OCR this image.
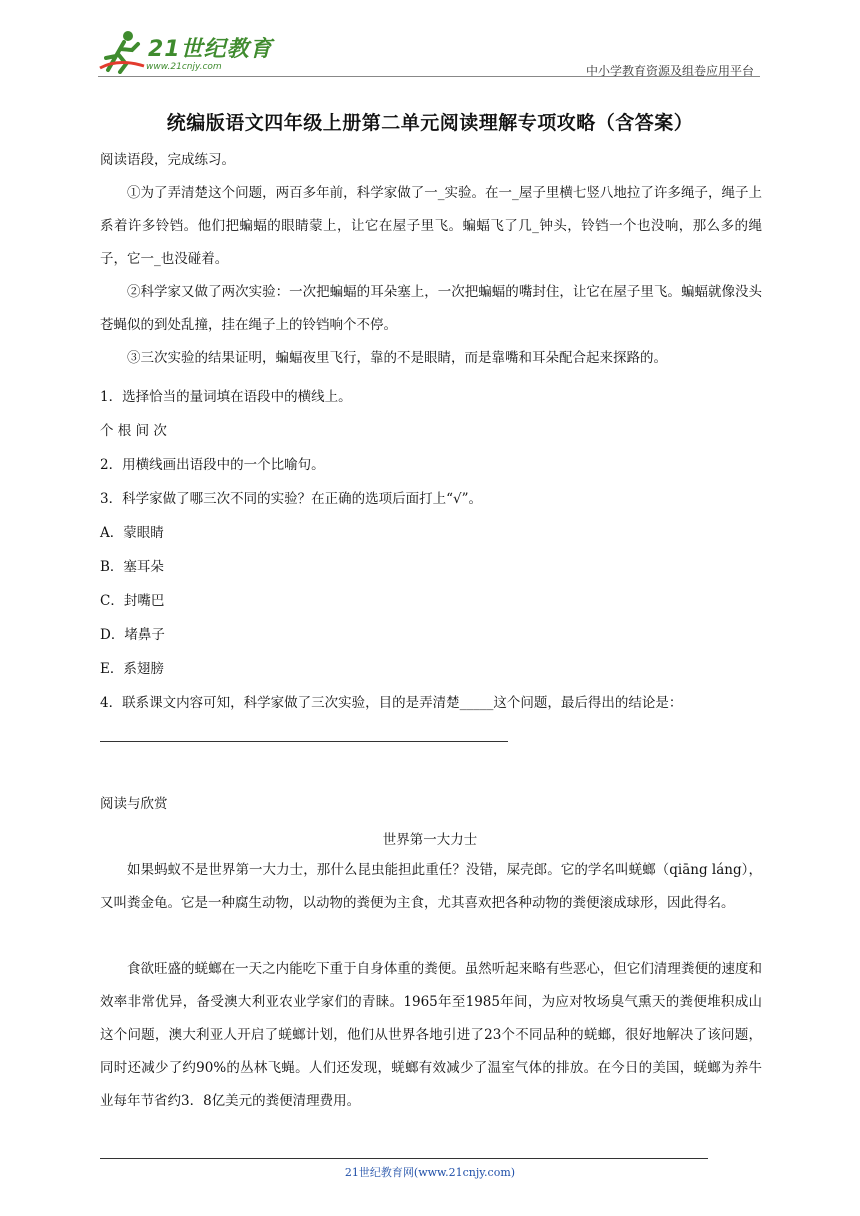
21世纪教育
www.21cnjy.com	中小学教育资源及组卷应用平台
统编版语文四年级上册第二单元阅读理解专项攻略（含答案）
阅读语段，完成练习。
①为了弄清楚这个问题，两百多年前，科学家做了一_实验。在一_屋子里横七竖八地拉了许多绳子，绳子上系着许多铃铛。他们把蝙蝠的眼睛蒙上，让它在屋子里飞。蝙蝠飞了几_钟头，铃铛一个也没响，那么多的绳子，它一_也没碰着。
②科学家又做了两次实验：一次把蝙蝠的耳朵塞上，一次把蝙蝠的嘴封住，让它在屋子里飞。蝙蝠就像没头苍蝇似的到处乱撞，挂在绳子上的铃铛响个不停。
③三次实验的结果证明，蝙蝠夜里飞行，靠的不是眼睛，而是靠嘴和耳朵配合起来探路的。
1．选择恰当的量词填在语段中的横线上。
个 根 间 次
2．用横线画出语段中的一个比喻句。
3．科学家做了哪三次不同的实验？在正确的选项后面打上“√”。
A．蒙眼睛
B．塞耳朵
C．封嘴巴
D．堵鼻子
E．系翅膀
4．联系课文内容可知，科学家做了三次实验，目的是弄清楚_____这个问题，最后得出的结论是：
阅读与欣赏
世界第一大力士
如果蚂蚁不是世界第一大力士，那什么昆虫能担此重任？没错，屎壳郎。它的学名叫蜣螂（qiāng láng），又叫粪金龟。它是一种腐生动物，以动物的粪便为主食，尤其喜欢把各种动物的粪便滚成球形，因此得名。
食欲旺盛的蜣螂在一天之内能吃下重于自身体重的粪便。虽然听起来略有些恶心，但它们清理粪便的速度和效率非常优异，备受澳大利亚农业学家们的青睐。1965年至1985年间，为应对牧场臭气熏天的粪便堆积成山这个问题，澳大利亚人开启了蜣螂计划，他们从世界各地引进了23个不同品种的蜣螂，很好地解决了该问题，同时还减少了约90%的丛林飞蝇。人们还发现，蜣螂有效减少了温室气体的排放。在今日的美国，蜣螂为养牛业每年节省约3．8亿美元的粪便清理费用。
21世纪教育网(www.21cnjy.com)
